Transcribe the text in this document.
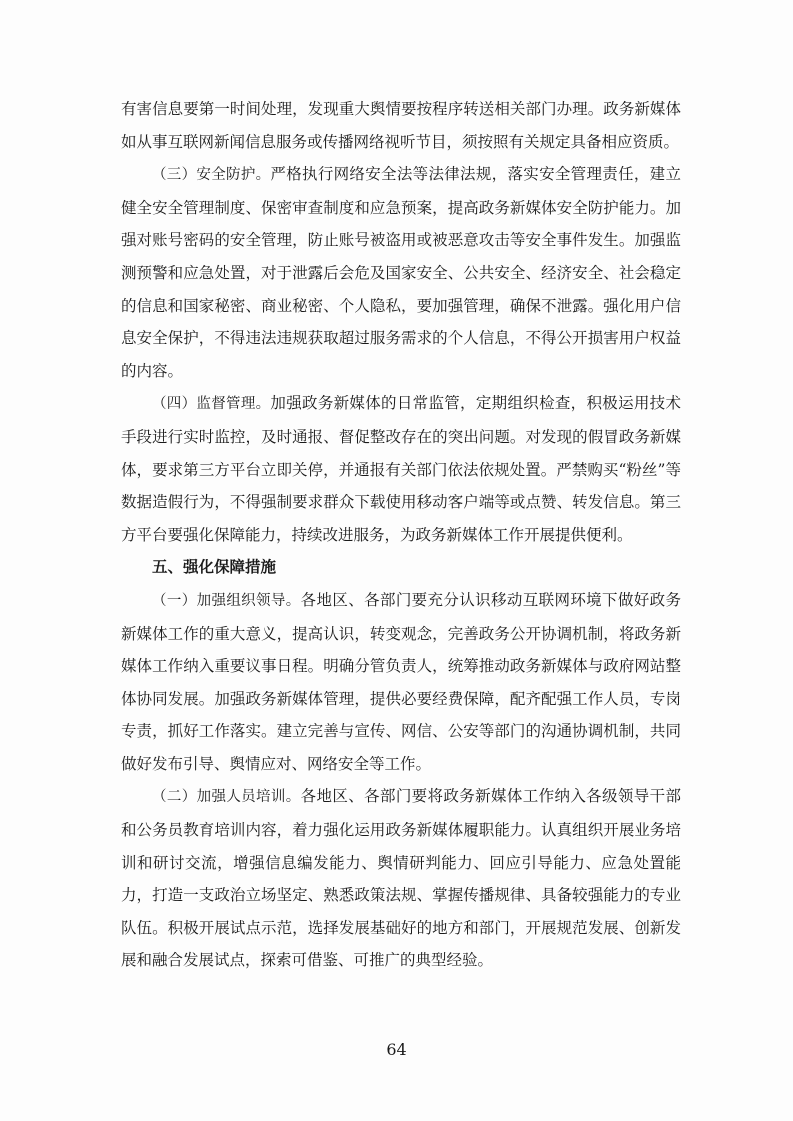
有害信息要第一时间处理，发现重大舆情要按程序转送相关部门办理。政务新媒体如从事互联网新闻信息服务或传播网络视听节目，须按照有关规定具备相应资质。

（三）安全防护。严格执行网络安全法等法律法规，落实安全管理责任，建立健全安全管理制度、保密审查制度和应急预案，提高政务新媒体安全防护能力。加强对账号密码的安全管理，防止账号被盗用或被恶意攻击等安全事件发生。加强监测预警和应急处置，对于泄露后会危及国家安全、公共安全、经济安全、社会稳定的信息和国家秘密、商业秘密、个人隐私，要加强管理，确保不泄露。强化用户信息安全保护，不得违法违规获取超过服务需求的个人信息，不得公开损害用户权益的内容。

（四）监督管理。加强政务新媒体的日常监管，定期组织检查，积极运用技术手段进行实时监控，及时通报、督促整改存在的突出问题。对发现的假冒政务新媒体，要求第三方平台立即关停，并通报有关部门依法依规处置。严禁购买“粉丝”等数据造假行为，不得强制要求群众下载使用移动客户端等或点赞、转发信息。第三方平台要强化保障能力，持续改进服务，为政务新媒体工作开展提供便利。

五、强化保障措施

（一）加强组织领导。各地区、各部门要充分认识移动互联网环境下做好政务新媒体工作的重大意义，提高认识，转变观念，完善政务公开协调机制，将政务新媒体工作纳入重要议事日程。明确分管负责人，统筹推动政务新媒体与政府网站整体协同发展。加强政务新媒体管理，提供必要经费保障，配齐配强工作人员，专岗专责，抓好工作落实。建立完善与宣传、网信、公安等部门的沟通协调机制，共同做好发布引导、舆情应对、网络安全等工作。

（二）加强人员培训。各地区、各部门要将政务新媒体工作纳入各级领导干部和公务员教育培训内容，着力强化运用政务新媒体履职能力。认真组织开展业务培训和研讨交流，增强信息编发能力、舆情研判能力、回应引导能力、应急处置能力，打造一支政治立场坚定、熟悉政策法规、掌握传播规律、具备较强能力的专业队伍。积极开展试点示范，选择发展基础好的地方和部门，开展规范发展、创新发展和融合发展试点，探索可借鉴、可推广的典型经验。

64
